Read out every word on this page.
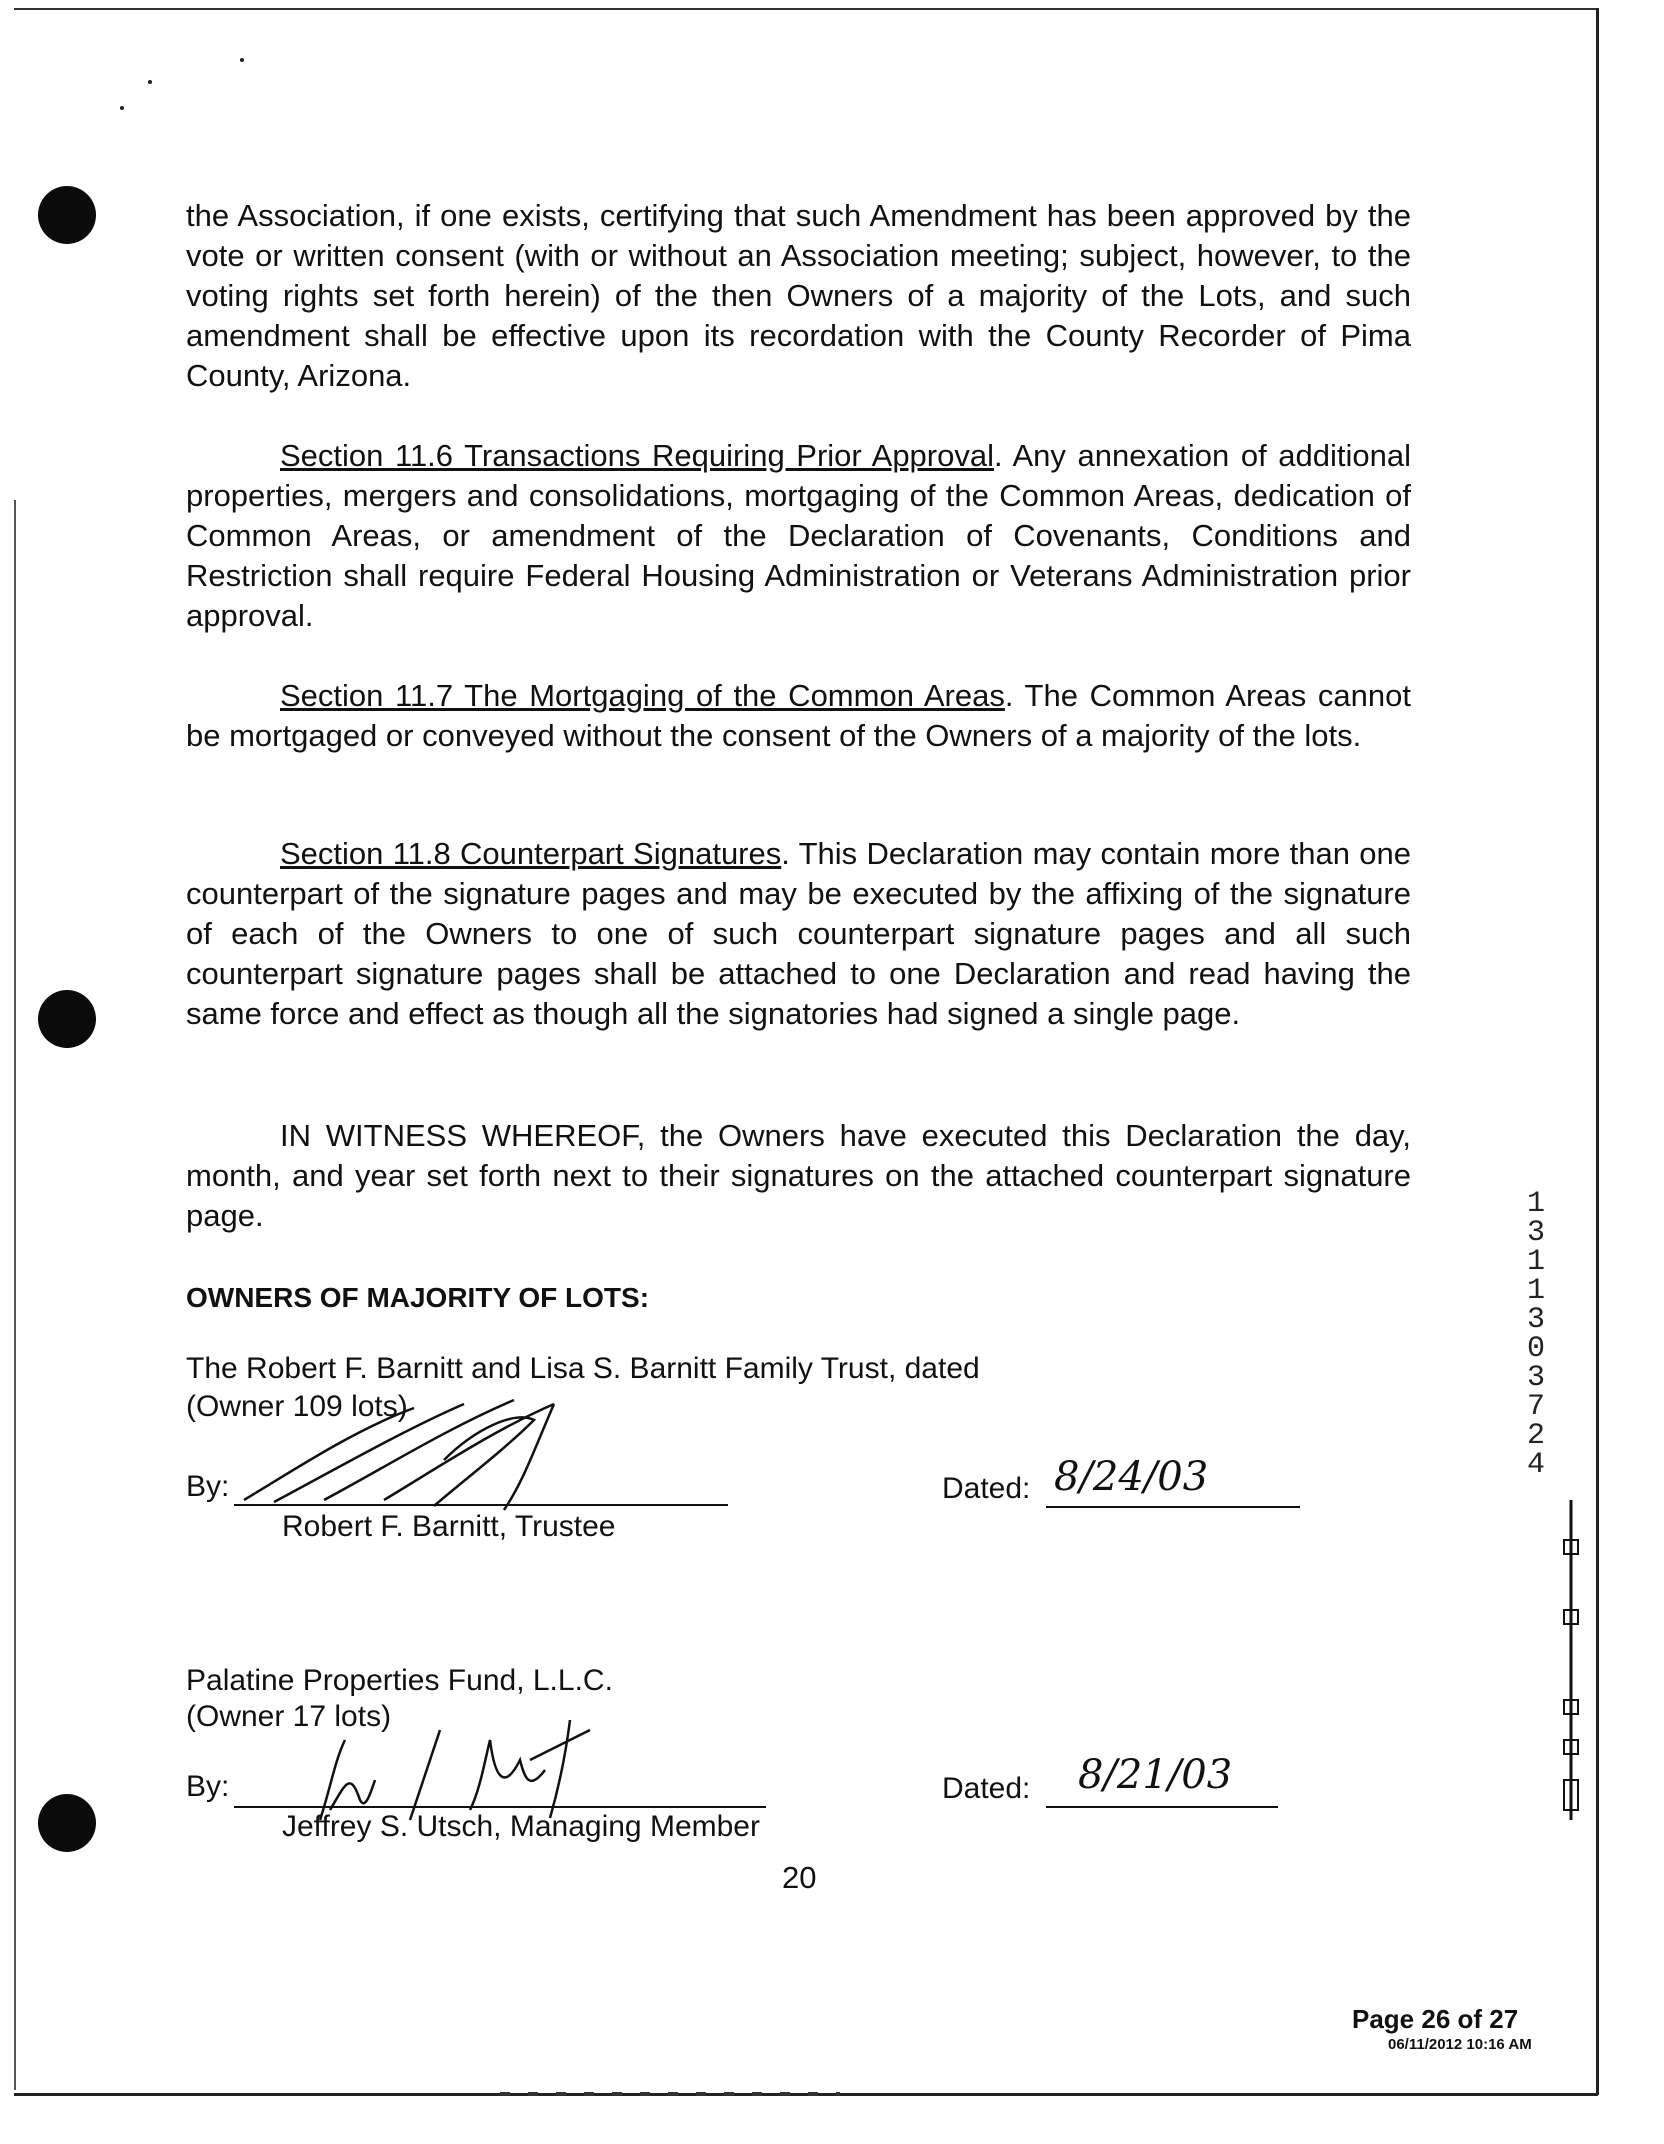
the Association, if one exists, certifying that such Amendment has been approved by the vote or written consent (with or without an Association meeting; subject, however, to the voting rights set forth herein) of the then Owners of a majority of the Lots, and such amendment shall be effective upon its recordation with the County Recorder of Pima County, Arizona.

Section 11.6 Transactions Requiring Prior Approval. Any annexation of additional properties, mergers and consolidations, mortgaging of the Common Areas, dedication of Common Areas, or amendment of the Declaration of Covenants, Conditions and Restriction shall require Federal Housing Administration or Veterans Administration prior approval.

Section 11.7 The Mortgaging of the Common Areas. The Common Areas cannot be mortgaged or conveyed without the consent of the Owners of a majority of the lots.

Section 11.8 Counterpart Signatures. This Declaration may contain more than one counterpart of the signature pages and may be executed by the affixing of the signature of each of the Owners to one of such counterpart signature pages and all such counterpart signature pages shall be attached to one Declaration and read having the same force and effect as though all the signatories had signed a single page.

IN WITNESS WHEREOF, the Owners have executed this Declaration the day, month, and year set forth next to their signatures on the attached counterpart signature page.

OWNERS OF MAJORITY OF LOTS:
The Robert F. Barnitt and Lisa S. Barnitt Family Trust, dated
(Owner 109 lots)
By:
Robert F. Barnitt, Trustee
Dated: 8/24/03
Palatine Properties Fund, L.L.C.
(Owner 17 lots)
By:
Jeffrey S. Utsch, Managing Member
Dated: 8/21/03
20
Page 26 of 27
06/11/2012 10:16 AM
1
3
1
1
3
0
3
7
2
4
